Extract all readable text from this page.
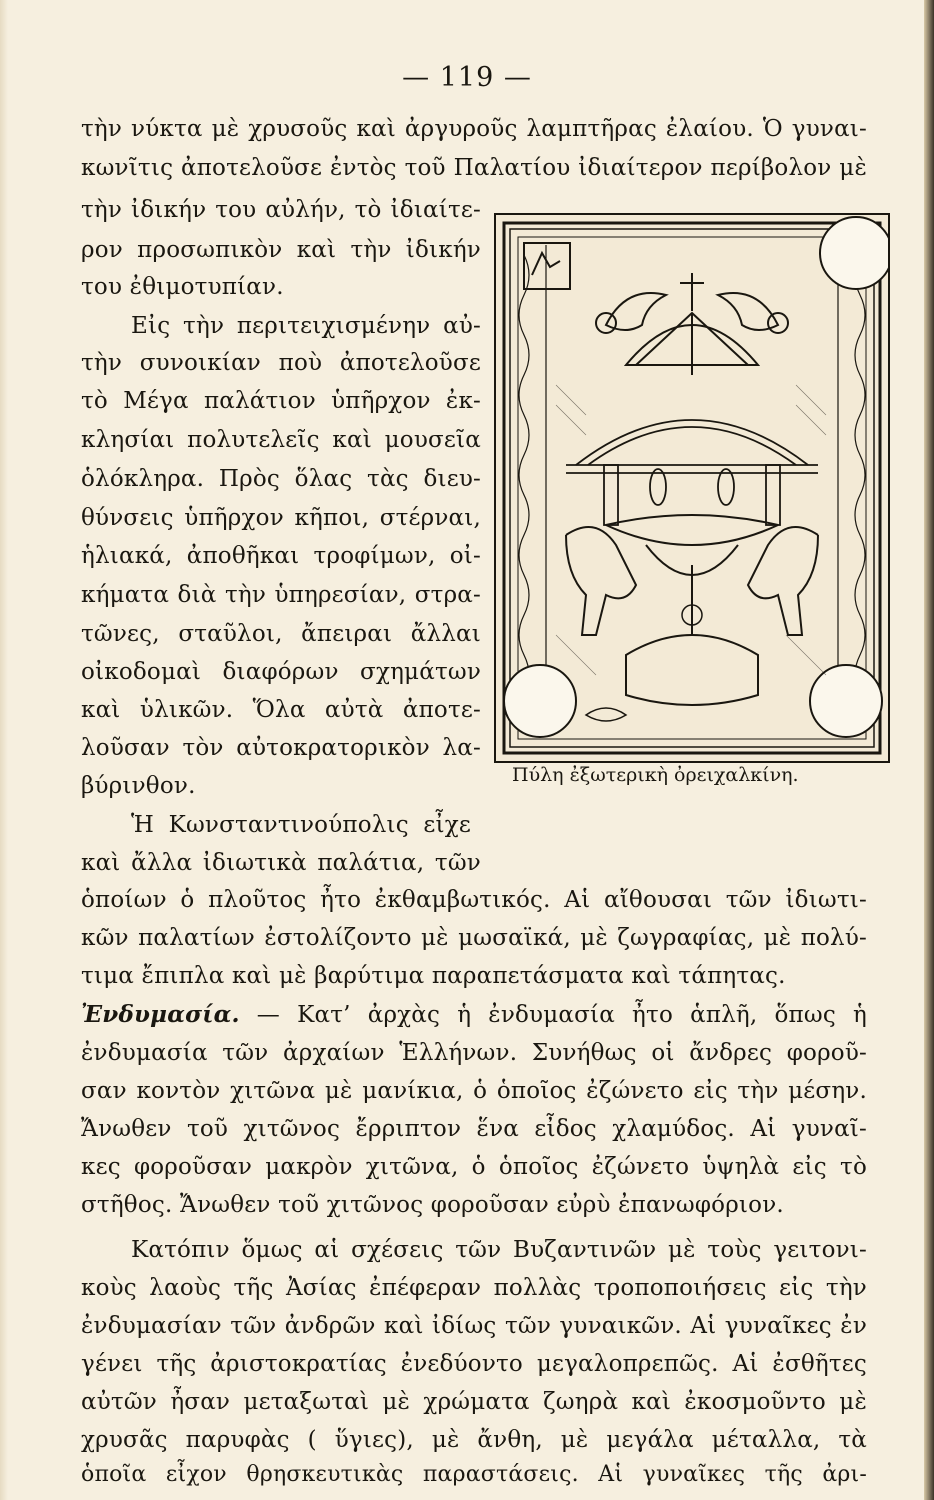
— 119 —
τὴν νύκτα μὲ χρυσοῦς καὶ ἀργυροῦς λαμπτῆρας ἐλαίου. Ὁ γυναι-
κωνῖτις ἀποτελοῦσε ἐντὸς τοῦ Παλατίου ἰδιαίτερον περίβολον μὲ
τὴν ἰδικήν του αὐλήν, τὸ ἰδιαίτε-
ρον προσωπικὸν καὶ τὴν ἰδικήν
του ἐθιμοτυπίαν.
Εἰς τὴν περιτειχισμένην αὐ-
τὴν συνοικίαν ποὺ ἀποτελοῦσε
τὸ Μέγα παλάτιον ὑπῆρχον ἐκ-
κλησίαι πολυτελεῖς καὶ μουσεῖα
ὁλόκληρα. Πρὸς ὅλας τὰς διευ-
θύνσεις ὑπῆρχον κῆποι, στέρναι,
ἡλιακά, ἀποθῆκαι τροφίμων, οἰ-
κήματα διὰ τὴν ὑπηρεσίαν, στρα-
τῶνες, σταῦλοι, ἄπειραι ἄλλαι
οἰκοδομαὶ διαφόρων σχημάτων
καὶ ὑλικῶν. Ὅλα αὐτὰ ἀποτε-
λοῦσαν τὸν αὐτοκρατορικὸν λα-
βύρινθον.
Ἡ Κωνσταντινούπολις εἶχε
καὶ ἄλλα ἰδιωτικὰ παλάτια, τῶν
Πύλη ἐξωτερικὴ ὀρειχαλκίνη.
ὁποίων ὁ πλοῦτος ἦτο ἐκθαμβωτικός. Αἱ αἴθουσαι τῶν ἰδιωτι-
κῶν παλατίων ἐστολίζοντο μὲ μωσαϊκά, μὲ ζωγραφίας, μὲ πολύ-
τιμα ἔπιπλα καὶ μὲ βαρύτιμα παραπετάσματα καὶ τάπητας.
Ἐνδυμασία. — Κατ’ ἀρχὰς ἡ ἐνδυμασία ἦτο ἁπλῆ, ὅπως ἡ
ἐνδυμασία τῶν ἀρχαίων Ἑλλήνων. Συνήθως οἱ ἄνδρες φοροῦ-
σαν κοντὸν χιτῶνα μὲ μανίκια, ὁ ὁποῖος ἐζώνετο εἰς τὴν μέσην.
Ἄνωθεν τοῦ χιτῶνος ἔρριπτον ἕνα εἶδος χλαμύδος. Αἱ γυναῖ-
κες φοροῦσαν μακρὸν χιτῶνα, ὁ ὁποῖος ἐζώνετο ὑψηλὰ εἰς τὸ
στῆθος. Ἄνωθεν τοῦ χιτῶνος φοροῦσαν εὐρὺ ἐπανωφόριον.
Κατόπιν ὅμως αἱ σχέσεις τῶν Βυζαντινῶν μὲ τοὺς γειτονι-
κοὺς λαοὺς τῆς Ἀσίας ἐπέφεραν πολλὰς τροποποιήσεις εἰς τὴν
ἐνδυμασίαν τῶν ἀνδρῶν καὶ ἰδίως τῶν γυναικῶν. Αἱ γυναῖκες ἐν
γένει τῆς ἀριστοκρατίας ἐνεδύοντο μεγαλοπρεπῶς. Αἱ ἐσθῆτες
αὐτῶν ἦσαν μεταξωταὶ μὲ χρώματα ζωηρὰ καὶ ἐκοσμοῦντο μὲ
χρυσᾶς παρυφὰς ( ὕγιες), μὲ ἄνθη, μὲ μεγάλα μέταλλα, τὰ
ὁποῖα εἶχον θρησκευτικὰς παραστάσεις. Αἱ γυναῖκες τῆς ἀρι-
